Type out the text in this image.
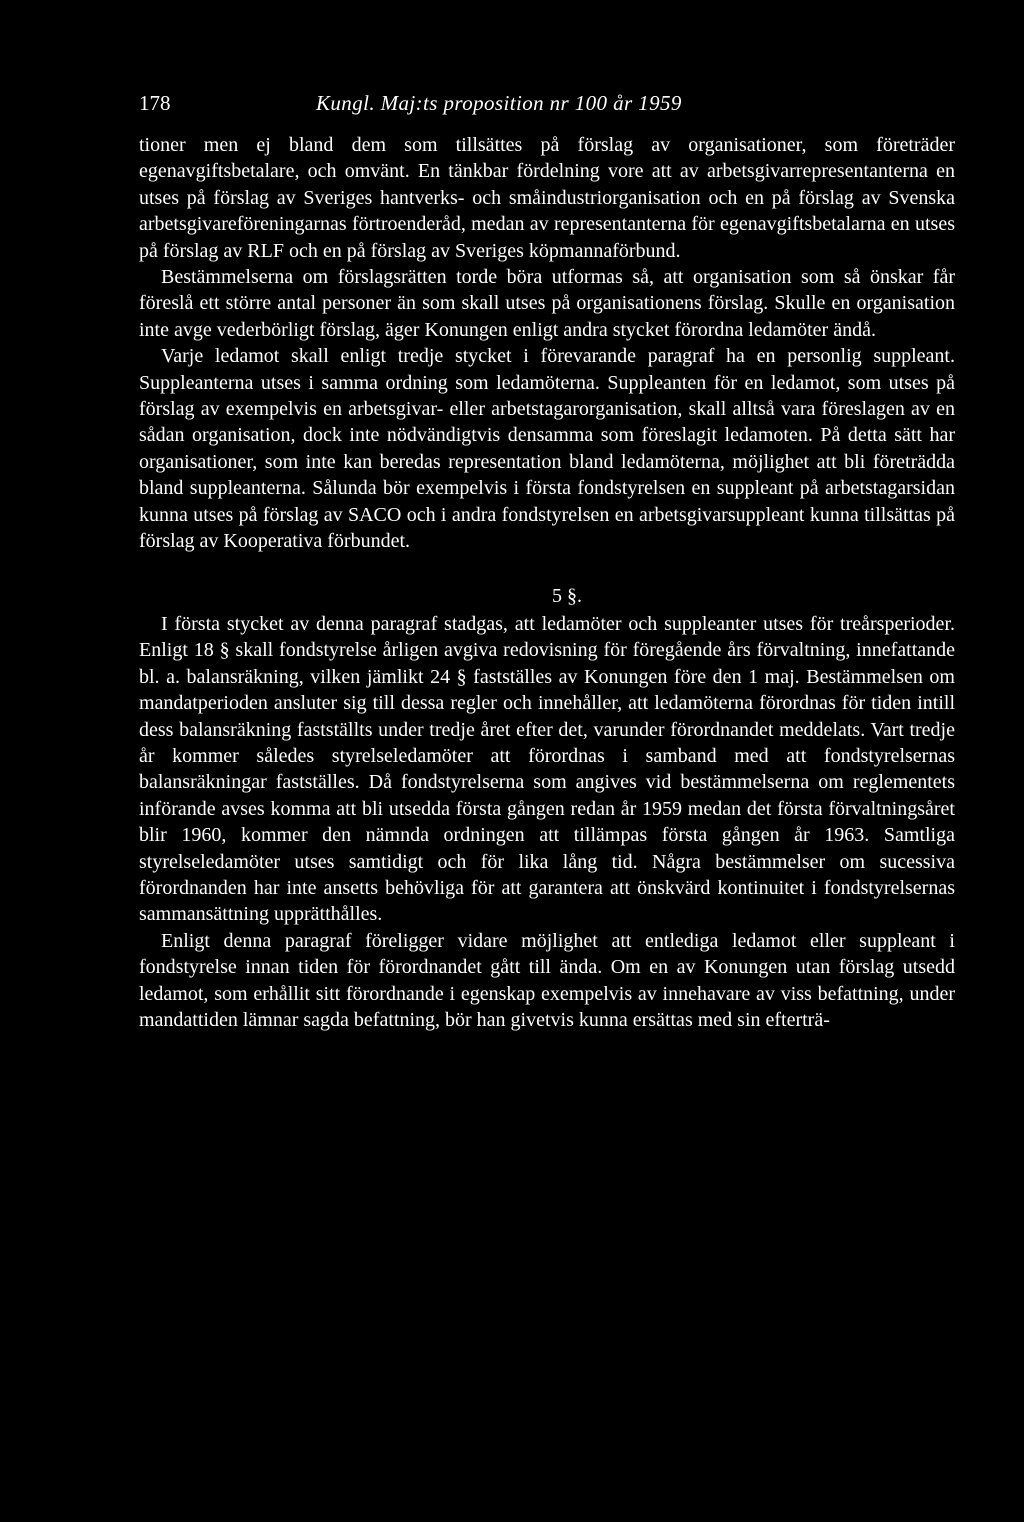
178	Kungl. Maj:ts proposition nr 100 år 1959

tioner men ej bland dem som tillsättes på förslag av organisationer, som företräder egenavgiftsbetalare, och omvänt. En tänkbar fördelning vore att av arbetsgivarrepresentanterna en utses på förslag av Sveriges hantverks- och småindustriorganisation och en på förslag av Svenska arbetsgivareföreningarnas förtroenderåd, medan av representanterna för egenavgiftsbetalarna en utses på förslag av RLF och en på förslag av Sveriges köpmannaförbund.

Bestämmelserna om förslagsrätten torde böra utformas så, att organisation som så önskar får föreslå ett större antal personer än som skall utses på organisationens förslag. Skulle en organisation inte avge vederbörligt förslag, äger Konungen enligt andra stycket förordna ledamöter ändå.

Varje ledamot skall enligt tredje stycket i förevarande paragraf ha en personlig suppleant. Suppleanterna utses i samma ordning som ledamöterna. Suppleanten för en ledamot, som utses på förslag av exempelvis en arbetsgivar- eller arbetstagarorganisation, skall alltså vara föreslagen av en sådan organisation, dock inte nödvändigtvis densamma som föreslagit ledamoten. På detta sätt har organisationer, som inte kan beredas representation bland ledamöterna, möjlighet att bli företrädda bland suppleanterna. Sålunda bör exempelvis i första fondstyrelsen en suppleant på arbetstagarsidan kunna utses på förslag av SACO och i andra fondstyrelsen en arbetsgivarsuppleant kunna tillsättas på förslag av Kooperativa förbundet.

5 §.

I första stycket av denna paragraf stadgas, att ledamöter och suppleanter utses för treårsperioder. Enligt 18 § skall fondstyrelse årligen avgiva redovisning för föregående års förvaltning, innefattande bl. a. balansräkning, vilken jämlikt 24 § fastställes av Konungen före den 1 maj. Bestämmelsen om mandatperioden ansluter sig till dessa regler och innehåller, att ledamöterna förordnas för tiden intill dess balansräkning fastställts under tredje året efter det, varunder förordnandet meddelats. Vart tredje år kommer således styrelseledamöter att förordnas i samband med att fondstyrelsernas balansräkningar fastställes. Då fondstyrelserna som angives vid bestämmelserna om reglementets införande avses komma att bli utsedda första gången redan år 1959 medan det första förvaltningsåret blir 1960, kommer den nämnda ordningen att tillämpas första gången år 1963. Samtliga styrelseledamöter utses samtidigt och för lika lång tid. Några bestämmelser om sucessiva förordnanden har inte ansetts behövliga för att garantera att önskvärd kontinuitet i fondstyrelsernas sammansättning upprätthålles.

Enligt denna paragraf föreligger vidare möjlighet att entlediga ledamot eller suppleant i fondstyrelse innan tiden för förordnandet gått till ända. Om en av Konungen utan förslag utsedd ledamot, som erhållit sitt förordnande i egenskap exempelvis av innehavare av viss befattning, under mandattiden lämnar sagda befattning, bör han givetvis kunna ersättas med sin efterträ-
